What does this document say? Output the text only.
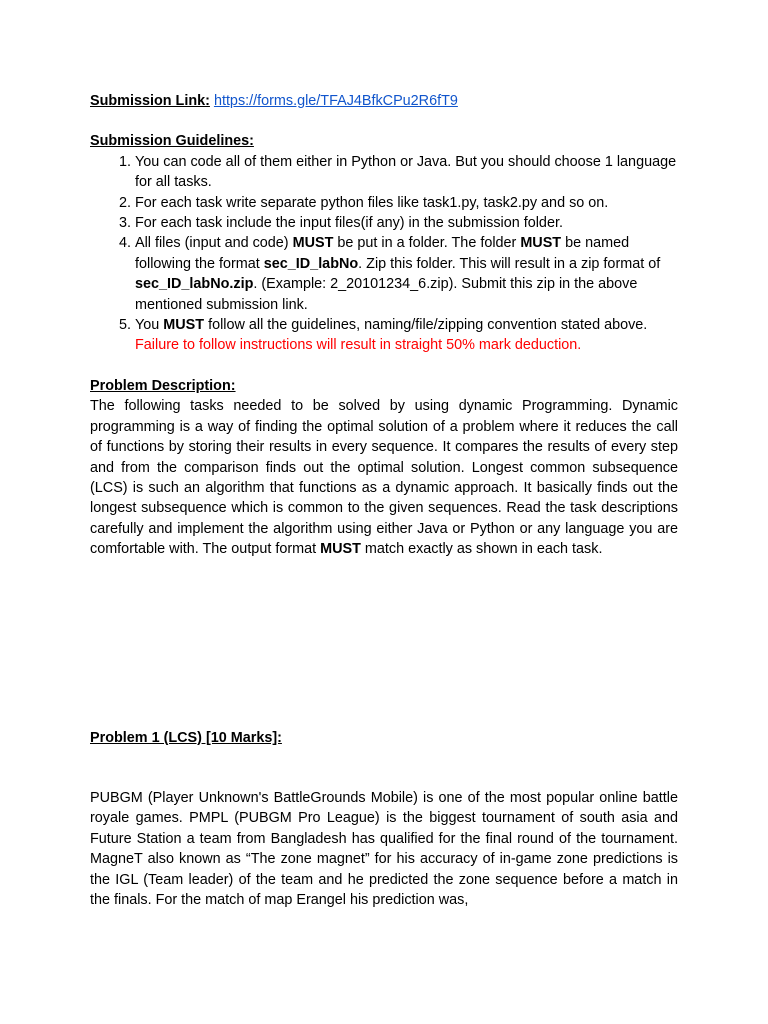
Submission Link: https://forms.gle/TFAJ4BfkCPu2R6fT9

Submission Guidelines:

1. You can code all of them either in Python or Java. But you should choose 1 language for all tasks.
2. For each task write separate python files like task1.py, task2.py and so on.
3. For each task include the input files(if any) in the submission folder.
4. All files (input and code) MUST be put in a folder. The folder MUST be named following the format sec_ID_labNo. Zip this folder. This will result in a zip format of sec_ID_labNo.zip. (Example: 2_20101234_6.zip). Submit this zip in the above mentioned submission link.
5. You MUST follow all the guidelines, naming/file/zipping convention stated above.
Failure to follow instructions will result in straight 50% mark deduction.

Problem Description:

The following tasks needed to be solved by using dynamic Programming. Dynamic programming is a way of finding the optimal solution of a problem where it reduces the call of functions by storing their results in every sequence. It compares the results of every step and from the comparison finds out the optimal solution. Longest common subsequence (LCS) is such an algorithm that functions as a dynamic approach. It basically finds out the longest subsequence which is common to the given sequences. Read the task descriptions carefully and implement the algorithm using either Java or Python or any language you are comfortable with. The output format MUST match exactly as shown in each task.

Problem 1 (LCS) [10 Marks]:

PUBGM (Player Unknown's BattleGrounds Mobile) is one of the most popular online battle royale games. PMPL (PUBGM Pro League) is the biggest tournament of south asia and Future Station a team from Bangladesh has qualified for the final round of the tournament. MagneT also known as “The zone magnet” for his accuracy of in-game zone predictions is the IGL (Team leader) of the team and he predicted the zone sequence before a match in the finals. For the match of map Erangel his prediction was,
